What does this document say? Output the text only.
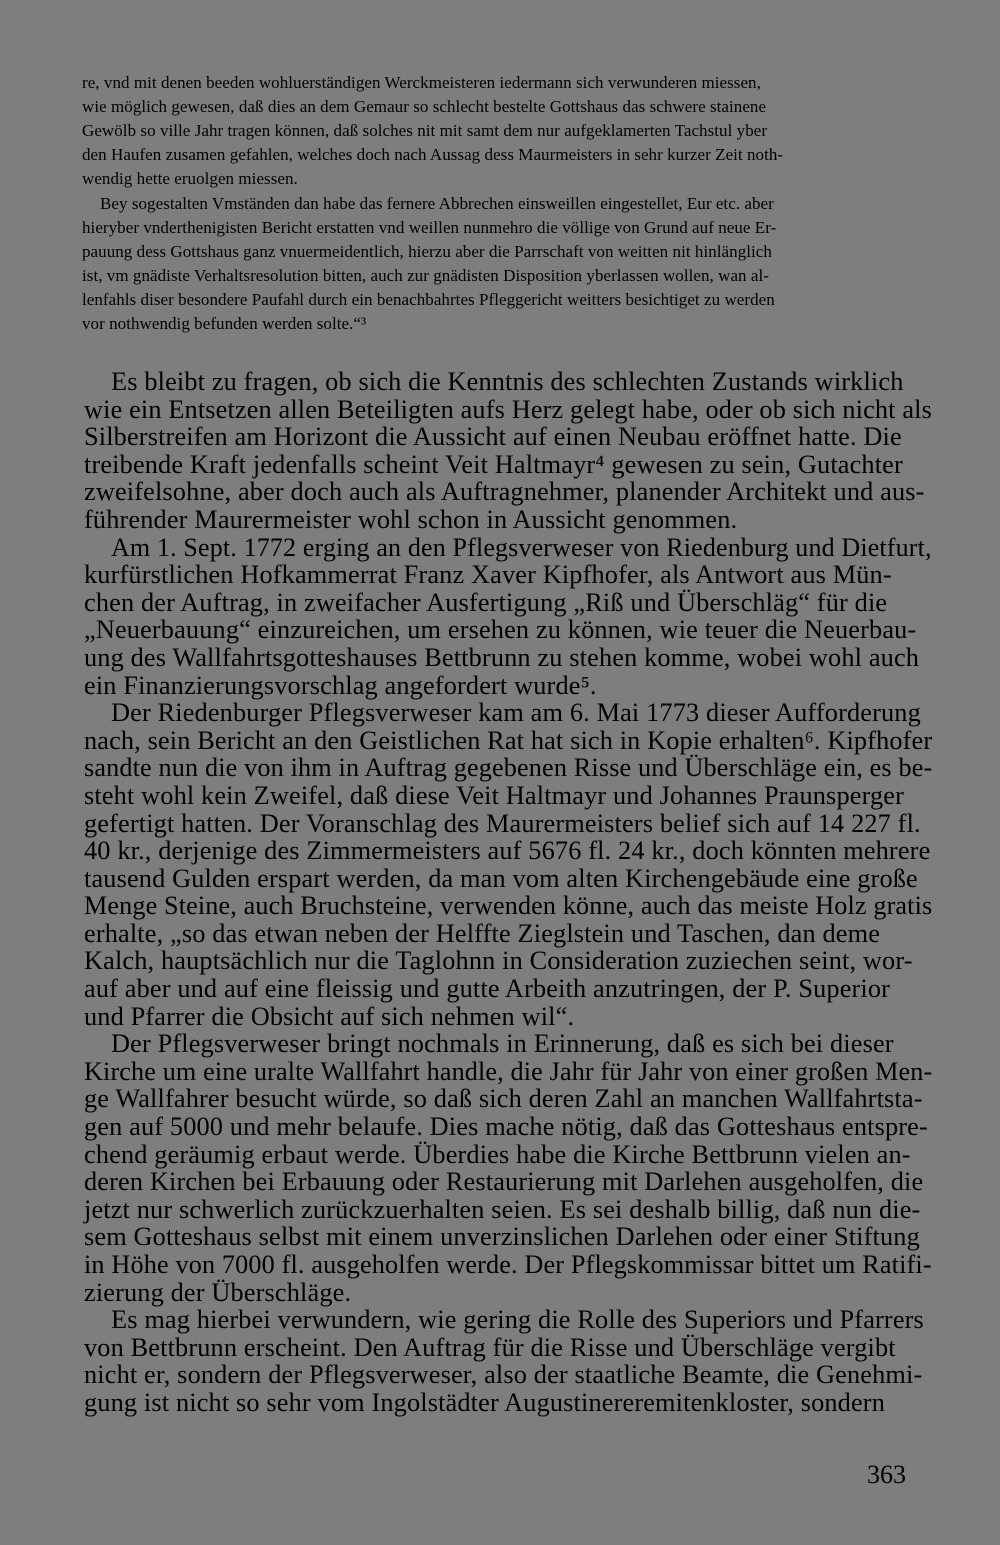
re, vnd mit denen beeden wohluerständigen Werckmeisteren iedermann sich verwunderen miessen,
wie möglich gewesen, daß dies an dem Gemaur so schlecht bestelte Gottshaus das schwere stainene
Gewölb so ville Jahr tragen können, daß solches nit mit samt dem nur aufgeklamerten Tachstul yber
den Haufen zusamen gefahlen, welches doch nach Aussag dess Maurmeisters in sehr kurzer Zeit noth-
wendig hette eruolgen miessen.
Bey sogestalten Vmständen dan habe das fernere Abbrechen einsweillen eingestellet, Eur etc. aber
hieryber vnderthenigisten Bericht erstatten vnd weillen nunmehro die völlige von Grund auf neue Er-
pauung dess Gottshaus ganz vnuermeidentlich, hierzu aber die Parrschaft von weitten nit hinlänglich
ist, vm gnädiste Verhaltsresolution bitten, auch zur gnädisten Disposition yberlassen wollen, wan al-
lenfahls diser besondere Paufahl durch ein benachbahrtes Pfleggericht weitters besichtiget zu werden
vor nothwendig befunden werden solte.“³
Es bleibt zu fragen, ob sich die Kenntnis des schlechten Zustands wirklich
wie ein Entsetzen allen Beteiligten aufs Herz gelegt habe, oder ob sich nicht als
Silberstreifen am Horizont die Aussicht auf einen Neubau eröffnet hatte. Die
treibende Kraft jedenfalls scheint Veit Haltmayr⁴ gewesen zu sein, Gutachter
zweifelsohne, aber doch auch als Auftragnehmer, planender Architekt und aus-
führender Maurermeister wohl schon in Aussicht genommen.
Am 1. Sept. 1772 erging an den Pflegsverweser von Riedenburg und Dietfurt,
kurfürstlichen Hofkammerrat Franz Xaver Kipfhofer, als Antwort aus Mün-
chen der Auftrag, in zweifacher Ausfertigung „Riß und Überschläg“ für die
„Neuerbauung“ einzureichen, um ersehen zu können, wie teuer die Neuerbau-
ung des Wallfahrtsgotteshauses Bettbrunn zu stehen komme, wobei wohl auch
ein Finanzierungsvorschlag angefordert wurde⁵.
Der Riedenburger Pflegsverweser kam am 6. Mai 1773 dieser Aufforderung
nach, sein Bericht an den Geistlichen Rat hat sich in Kopie erhalten⁶. Kipfhofer
sandte nun die von ihm in Auftrag gegebenen Risse und Überschläge ein, es be-
steht wohl kein Zweifel, daß diese Veit Haltmayr und Johannes Praunsperger
gefertigt hatten. Der Voranschlag des Maurermeisters belief sich auf 14 227 fl.
40 kr., derjenige des Zimmermeisters auf 5676 fl. 24 kr., doch könnten mehrere
tausend Gulden erspart werden, da man vom alten Kirchengebäude eine große
Menge Steine, auch Bruchsteine, verwenden könne, auch das meiste Holz gratis
erhalte, „so das etwan neben der Helffte Zieglstein und Taschen, dan deme
Kalch, hauptsächlich nur die Taglohnn in Consideration zuziechen seint, wor-
auf aber und auf eine fleissig und gutte Arbeith anzutringen, der P. Superior
und Pfarrer die Obsicht auf sich nehmen wil“.
Der Pflegsverweser bringt nochmals in Erinnerung, daß es sich bei dieser
Kirche um eine uralte Wallfahrt handle, die Jahr für Jahr von einer großen Men-
ge Wallfahrer besucht würde, so daß sich deren Zahl an manchen Wallfahrtsta-
gen auf 5000 und mehr belaufe. Dies mache nötig, daß das Gotteshaus entspre-
chend geräumig erbaut werde. Überdies habe die Kirche Bettbrunn vielen an-
deren Kirchen bei Erbauung oder Restaurierung mit Darlehen ausgeholfen, die
jetzt nur schwerlich zurückzuerhalten seien. Es sei deshalb billig, daß nun die-
sem Gotteshaus selbst mit einem unverzinslichen Darlehen oder einer Stiftung
in Höhe von 7000 fl. ausgeholfen werde. Der Pflegskommissar bittet um Ratifi-
zierung der Überschläge.
Es mag hierbei verwundern, wie gering die Rolle des Superiors und Pfarrers
von Bettbrunn erscheint. Den Auftrag für die Risse und Überschläge vergibt
nicht er, sondern der Pflegsverweser, also der staatliche Beamte, die Genehmi-
gung ist nicht so sehr vom Ingolstädter Augustinereremitenkloster, sondern
363
